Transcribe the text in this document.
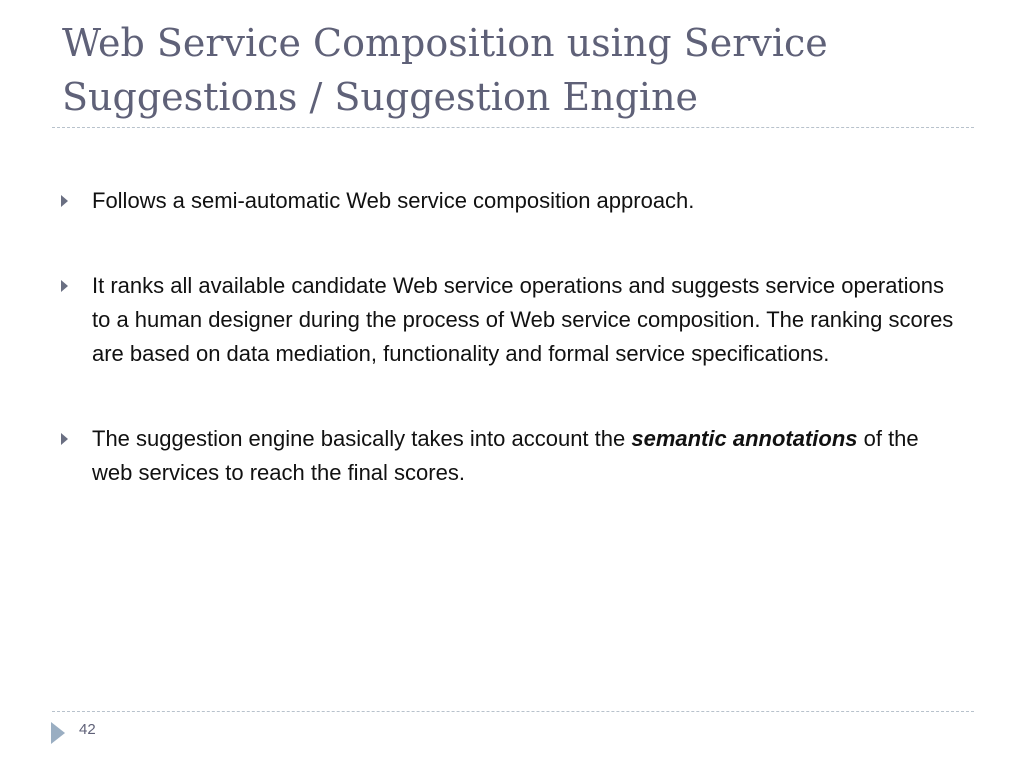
Web Service Composition using Service Suggestions / Suggestion Engine
Follows a semi-automatic Web service composition approach.
It ranks all available candidate Web service operations and suggests service operations to a human designer during the process of Web service composition. The ranking scores are based on data mediation, functionality and formal service specifications.
The suggestion engine basically takes into account the semantic annotations of the web services to reach the final scores.
42
